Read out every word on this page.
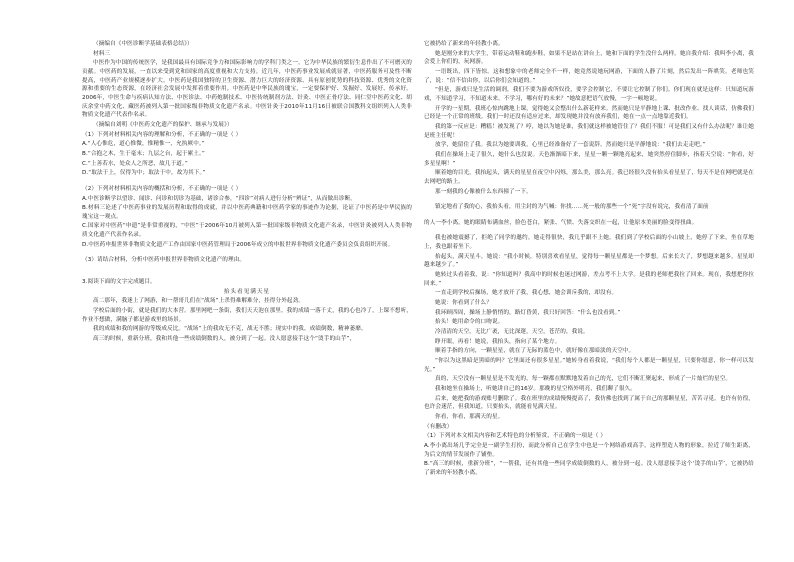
（摘编自《中医诊断学基础表格总结》）
材料三
中医作为中国的传统医学，是我国最具有国际竞争力和国际影响力的学科门类之一，它为中华民族的繁衍生息作出了不可磨灭的贡献。中医药的发展，一直以来受到党和国家的高度重视和大力支持。近几年，中医药事业发展成就显著，中医药服务可及性不断提高，中医药产业规模逐步扩大。中医药是我国独特的卫生资源、潜力巨大的经济资源、具有原创优势的科技资源、优秀的文化资源和重要的生态资源，在经济社会发展中发挥着重要作用。中医药是中华民族的瑰宝，一定要保护好、发掘好、发展好、传承好。2006年，中医生命与疾病认知方法、中医诊法、中药炮制技术、中医传统制剂方法、针灸、中医正骨疗法、同仁堂中医药文化、胡庆余堂中药文化、藏医药被列入第一批国家级非物质文化遗产名录。中医针灸于2010年11月16日被联合国教科文组织列入人类非物质文化遗产代表作名录。
（摘编自刘明《中医药文化遗产的保护、继承与发展》）
（1）下列对材料相关内容的理解和分析，不正确的一项是（ ）
A.“人心惟危，道心惟微，惟精惟一，允执厥中。”
B.“合抱之木，生于毫末；九层之台，起于累土。”
C.“上善若水，处众人之所恶，故几于道。”
D.“取法于上，仅得为中；取法于中，故为其下。”
（2）下列对材料相关内容的概括和分析，不正确的一项是（ ）
A.中医诊断学以望诊、闻诊、问诊和切诊为基础，诸诊合参，“四诊”对病人进行分析“辨证”，从而做出诊断。
B.材料三论述了中医药事业的发展历程和取得的成就，并以中医药典籍和中医药学家的事迹作为论据，论证了中医药是中华民族的瑰宝这一观点。
C.国家对中医药“申遗”是非常重视的，“中医”于2006年10月被列入第一批国家级非物质文化遗产名录，中医针灸被列入人类非物质文化遗产代表作名录。
D.中医药申报世界非物质文化遗产工作由国家中医药管理局于2006年成立的申报世界非物质文化遗产委员会负责组织开展。
（3）请结合材料，分析中医药申报世界非物质文化遗产的理由。
3.阅读下面的文字完成题目。
抬头看见满天星
高二那年，我迷上了网游，和一帮哥儿们在“战场”上杀得难解难分，挂得分外起劲。
学校后面的小街，就是我们的大本营。那里网吧一条街，我们天天泡在那里。我的成绩一落千丈，我的心也冷了，上课不想听，作业不想做，满脑子都是游戏里的场景。
我的成绩和我的网游的等级成反比。“战场”上的我攻无不克，战无不胜；现实中的我，成绩倒数，精神萎靡。
高三的时候，重新分班，我和其他一些成绩倒数的人，被分到了一起。没人愿意接手这个“烫手的山芋”，
它被扔给了新来的年轻教小离。
她是刚分来的大学生，带着运动鞋和跑步鞋，如果不是站在讲台上，她和下面的学生没什么两样。她自我介绍：我叫李小离，我会爱上你们的，玩网游。
一语既出，四下皆惊。这和想象中的老师完全不一样，她竟然说她玩网游，下面的人静了片刻，然后发出一阵哄笑。老师也笑了，说：“信不信由你，以后你们会知道的。”
“但是，游戏只是生活的调剂，我们不要为游戏所奴役，要学会控制它，不要让它控制了你们。你们现在就是这样：只知道玩游戏，不知道学习，不知道未来。不学习，哪有好的未来？”她故意把语气放慢，一字一顿地说。
开学的一星期，我班心惊肉跳地上课，觉得她又会整出什么新花样来。然而她只是平静地上课、批改作业、找人谈话，仿佛我们已经是一个正常的班级。我们一时还没有适应过来，却发现她并没有放弃我们，她在一点一点地靠近我们。
我的第一反应是：糟糕！被发现了？哼，她以为她是谁，我们就这样被她管住了？我们不服！可是我们又有什么办法呢？谁让她是班主任呢！
放学，她留住了我。我以为她要训我，心里已经准备好了一套说辞。然而她只是平静地说：“我们去走走吧。”
我们在操场上走了很久，她什么也没说。天色渐渐暗下来，星星一颗一颗地亮起来，她突然停住脚步，指着天空说：“你看，好多星星啊！”
顺着她的目光，我抬起头，满天的星星在夜空中闪烁，那么美，那么亮。我已经很久没有抬头看星星了，每天不是在网吧就是在去网吧的路上。
那一刻我的心像被什么东西撞了一下。
镇定地看了我的心，我抬头看，用尘封的为气喊：你找……死一般的那些一个“死”字没有说完，我看清了面前
的人一李小离，她的眼睛布满血丝，脸色苍白，紧张、气愤、失落交织在一起，让他原本美丽的脸变得扭曲。
我也被她震撼了，拒绝了同学的邀约。她走得很快，我几乎跟不上她。我们到了学校后面的小山坡上，她停了下来，坐在草地上，我也跟着坐下。
抬起头，满天星斗，她说：“我小时候，特别喜欢看星星，觉得每一颗星星都是一个梦想。后来长大了，梦想越来越多，星星却越来越少了。”
她转过头看着我，说：“你知道吗？我高中的时候也迷过网游，差点考不上大学。是我的老师把我拉了回来。现在，我想把你拉回来。”
一直走到学校后操场，她才放开了我，我心想，她会训斥我的，却没有。
她说：你看到了什么？
我环顾四周，操场上静悄悄的，路灯昏黄，我只好回答：“什么也没看到。”
抬头！她用命令的口吻说。
冷清清的天空，无比广袤，无比深邃，天空，苍茫的，我说。
睁开眼，再看！她说，我抬头，指向了某个地方。
顺着手指的方向，一颗星星，就在了无际的蓝色中，就好像在那暗淡的天空中。
“你以为这黑暗是黑暗的吗？它里面还有很多星星。”她转身看着我说，“我们每个人都是一颗星星，只要你愿意，你一样可以发光。”
真的，天空没有一颗星星是不发光的，每一颗都在默默地发着自己的光，它们不断汇聚起来，形成了一片灿烂的星空。
我和她坐在操场上，听她讲自己的16岁。那晚的星空格外明亮，我们聊了很久。
后来，她把我的游戏账号删除了。我在班里的成绩慢慢提高了，我仿佛也找到了属于自己的那颗星星，苦苦寻觅。也许有彷徨，也许会迷茫，但我知道，只要抬头，就能看见满天星。
你看，你看，那满天的星。
（有删改）
（1）下列对本文相关内容和艺术特色的分析鉴赏，不正确的一项是（ ）
A.李小离出场几乎完全是一副学生打扮，而此分析自己在学生中也是一个网络游戏高手，这样塑造人物的形象，拉近了师生距离，为后文的情节发展作了铺垫。
B.“高三的时候，重新分班”，“一帮我，还有其他一些同学成绩倒数的人，被分到一起。没人愿意接手这个‘烫手的山芋’，它被扔给了新来的年轻教小离。
